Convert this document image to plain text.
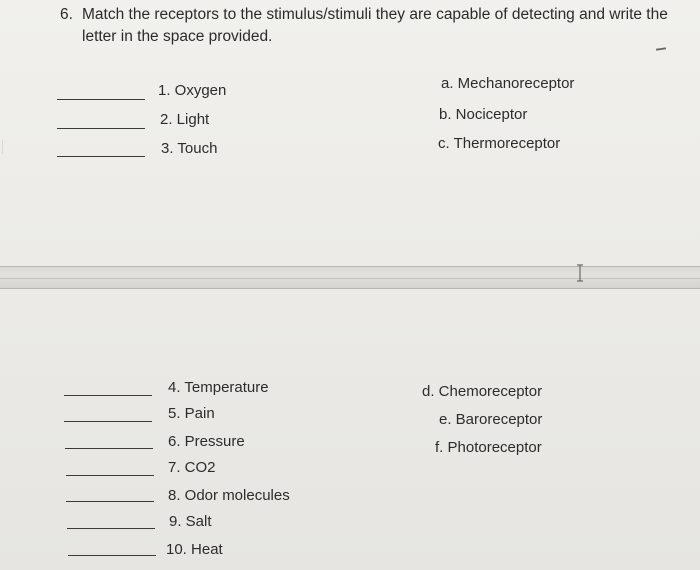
6. Match the receptors to the stimulus/stimuli they are capable of detecting and write the letter in the space provided.
1. Oxygen
2. Light
3. Touch
a. Mechanoreceptor
b. Nociceptor
c. Thermoreceptor
4. Temperature
5. Pain
6. Pressure
7. CO2
8. Odor molecules
9. Salt
10. Heat
d. Chemoreceptor
e. Baroreceptor
f. Photoreceptor
